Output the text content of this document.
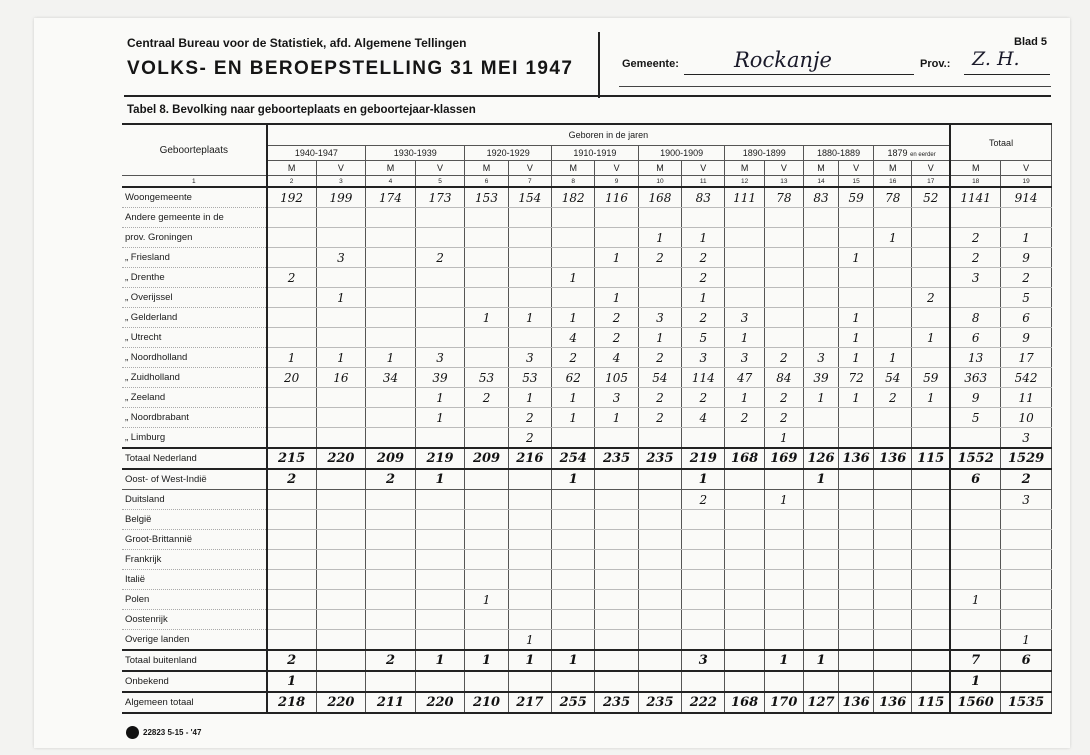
Centraal Bureau voor de Statistiek, afd. Algemene Tellingen
VOLKS- EN BEROEPSTELLING 31 MEI 1947	Gemeente:	Rockanje	Prov.: Z. H.
Blad 5
Tabel 8. Bevolking naar geboorteplaats en geboortejaar-klassen
Geboorteplaats	Geboren in de jaren																Totaal	
	1940-1947		1930-1939		1920-1929		1910-1919		1900-1909		1890-1899		1880-1889		1879 en eerder			
	M	V	M	V	M	V	M	V	M	V	M	V	M	V	M	V	M	V
1	2	3	4	5	6	7	8	9	10	11	12	13	14	15	16	17	18	19
Woongemeente	192	199	174	173	153	154	182	116	168	83	111	78	83	59	78	52	1141	914
Andere gemeente in de																		
prov. Groningen									1	1					1		2	1
„ Friesland		3		2				1	2	2				1			2	9
„ Drenthe	2						1			2							3	2
„ Overijssel		1						1		1						2		5
„ Gelderland					1	1	1	2	3	2	3			1			8	6
„ Utrecht							4	2	1	5	1			1		1	6	9
„ Noordholland	1	1	1	3		3	2	4	2	3	3	2	3	1	1		13	17
„ Zuidholland	20	16	34	39	53	53	62	105	54	114	47	84	39	72	54	59	363	542
„ Zeeland				1	2	1	1	3	2	2	1	2	1	1	2	1	9	11
„ Noordbrabant				1		2	1	1	2	4	2	2					5	10
„ Limburg						2						1						3
Totaal Nederland	215	220	209	219	209	216	254	235	235	219	168	169	126	136	136	115	1552	1529
Oost- of West-Indië	2		2	1			1			1			1				6	2
Duitsland										2		1						3
België																		
Groot-Brittannië																		
Frankrijk																		
Italië																		
Polen					1												1	
Oostenrijk																		
Overige landen						1												1
Totaal buitenland	2		2	1	1	1	1			3		1	1				7	6
Onbekend	1																1	
Algemeen totaal	218	220	211	220	210	217	255	235	235	222	168	170	127	136	136	115	1560	1535
22823 5-15 - '47
